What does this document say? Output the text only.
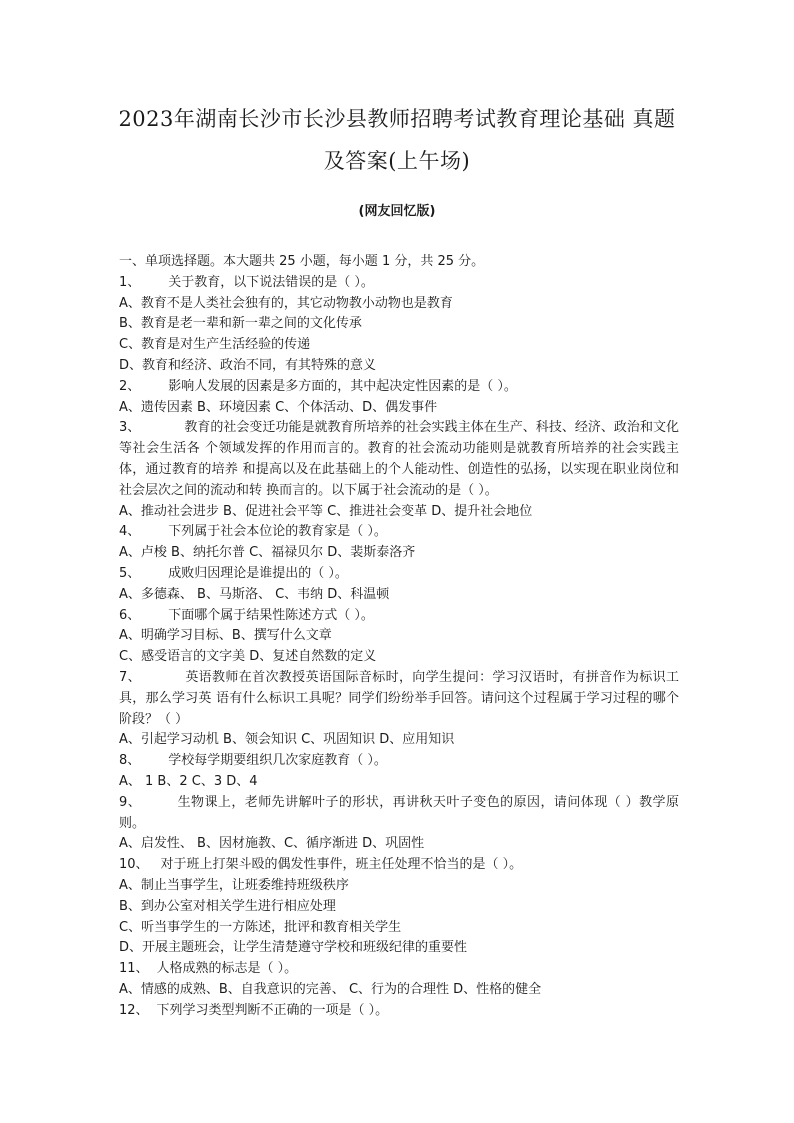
2023年湖南长沙市长沙县教师招聘考试教育理论基础 真题
及答案(上午场)
(网友回忆版)
一、单项选择题。本大题共 25 小题，每小题 1 分，共 25 分。
1、 关于教育，以下说法错误的是（ ）。
A、教育不是人类社会独有的，其它动物教小动物也是教育
B、教育是老一辈和新一辈之间的文化传承
C、教育是对生产生活经验的传递
D、教育和经济、政治不同，有其特殊的意义
2、 影响人发展的因素是多方面的，其中起决定性因素的是（ ）。
A、遗传因素 B、环境因素 C、个体活动、D、偶发事件
3、	教育的社会变迁功能是就教育所培养的社会实践主体在生产、科技、经济、政治和文化等社会生活各 个领域发挥的作用而言的。教育的社会流动功能则是就教育所培养的社会实践主体，通过教育的培养 和提高以及在此基础上的个人能动性、创造性的弘扬，以实现在职业岗位和社会层次之间的流动和转 换而言的。以下属于社会流动的是（ ）。
A、推动社会进步 B、促进社会平等 C、推进社会变革 D、提升社会地位
4、 下列属于社会本位论的教育家是（ ）。
A、卢梭 B、纳托尔普 C、福禄贝尔 D、裴斯泰洛齐
5、 成败归因理论是谁提出的（ ）。
A、多德森、 B、马斯洛、 C、韦纳 D、科温顿
6、 下面哪个属于结果性陈述方式（ ）。
A、明确学习目标、B、撰写什么文章
C、感受语言的文字美 D、复述自然数的定义
7、	英语教师在首次教授英语国际音标时，向学生提问：学习汉语时，有拼音作为标识工具，那么学习英 语有什么标识工具呢？同学们纷纷举手回答。请问这个过程属于学习过程的哪个阶段？（ ）
A、引起学习动机 B、领会知识 C、巩固知识 D、应用知识
8、 学校每学期要组织几次家庭教育（ ）。
A、 1 B、2 C、3 D、4
9、	生物课上，老师先讲解叶子的形状，再讲秋天叶子变色的原因，请问体现（ ）教学原则。
A、启发性、 B、因材施教、C、循序渐进 D、巩固性
10、 对于班上打架斗殴的偶发性事件，班主任处理不恰当的是（ ）。
A、制止当事学生，让班委维持班级秩序
B、到办公室对相关学生进行相应处理
C、听当事学生的一方陈述，批评和教育相关学生
D、开展主题班会，让学生清楚遵守学校和班级纪律的重要性
11、 人格成熟的标志是（ ）。
A、情感的成熟、B、自我意识的完善、 C、行为的合理性 D、性格的健全
12、 下列学习类型判断不正确的一项是（ ）。
